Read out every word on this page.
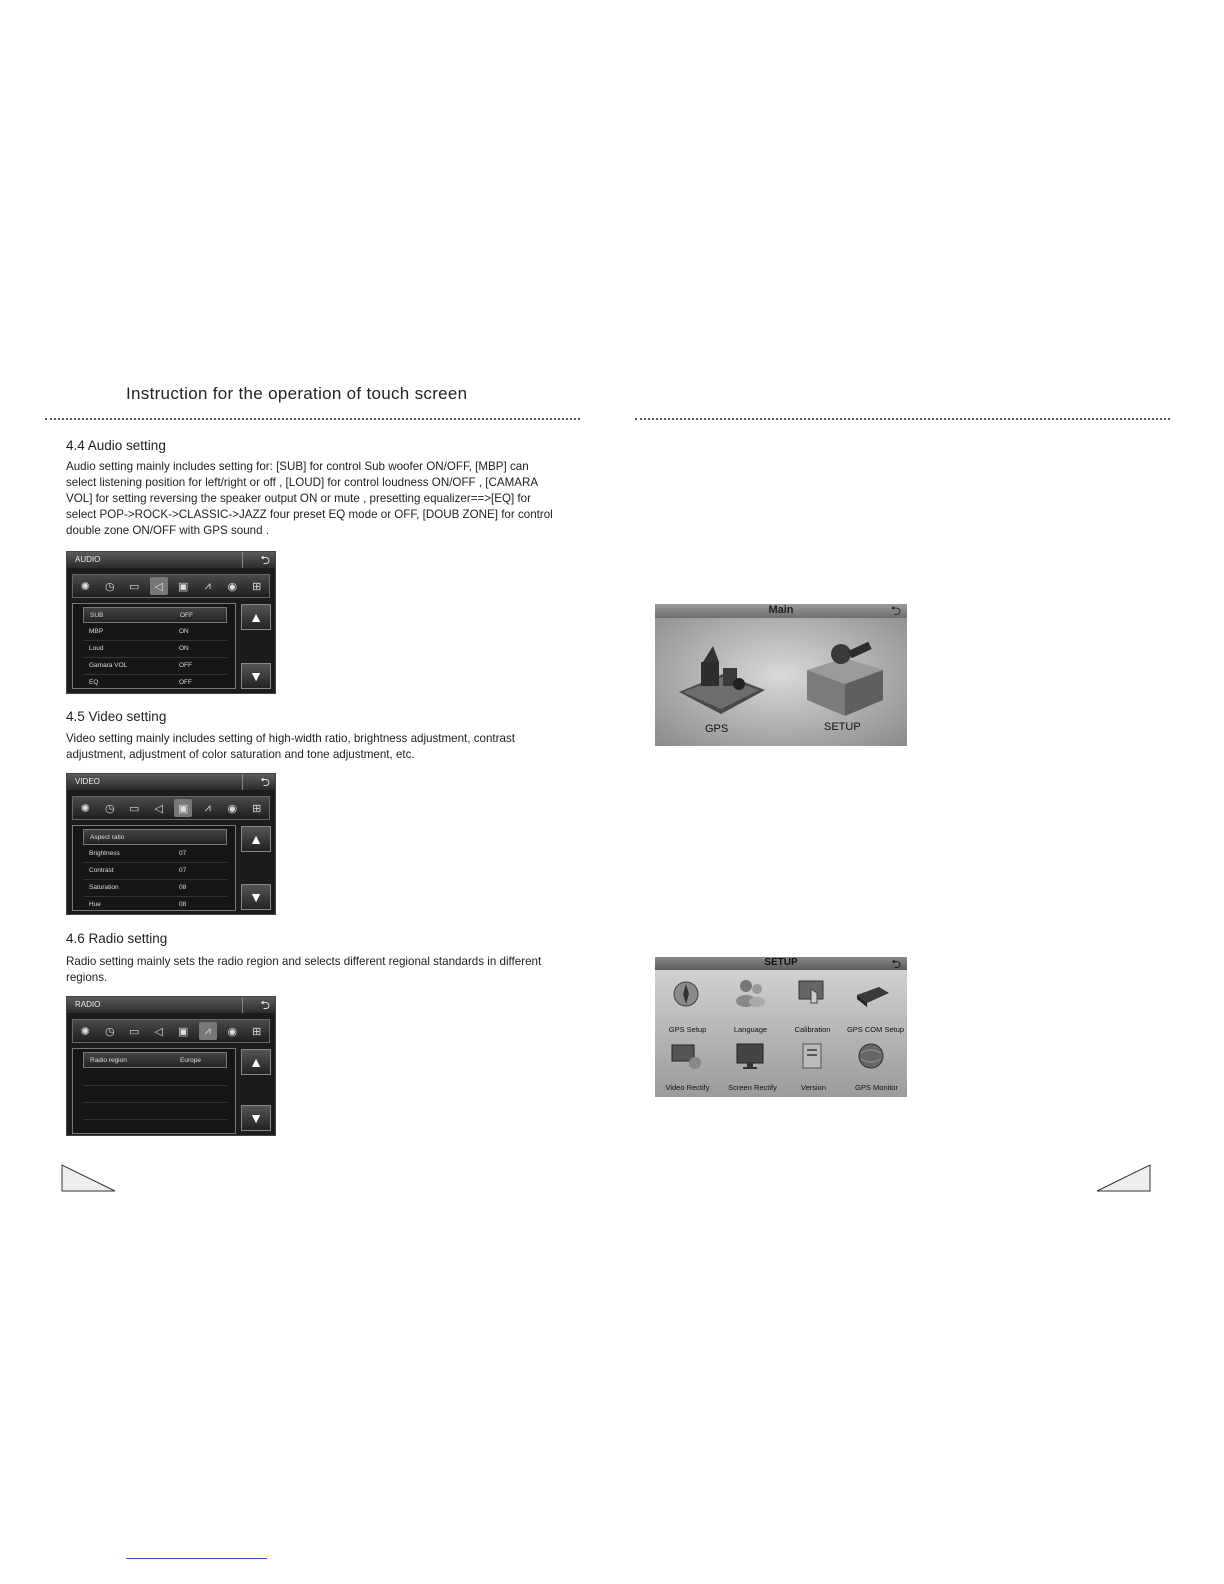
Instruction for the operation of touch screen
4.4 Audio setting

Audio setting mainly includes setting for: [SUB] for control Sub woofer ON/OFF, [MBP] can select listening position for left/right or off , [LOUD] for control loudness ON/OFF , [CAMARA VOL] for setting reversing the speaker output ON or mute , presetting equalizer==>[EQ] for select POP->ROCK->CLASSIC->JAZZ four preset EQ mode or OFF, [DOUB ZONE] for control double zone ON/OFF with GPS sound .

AUDIO	⮌
✺	◷	▭	◁	▣	⩘	◉	⊞
SUB	OFF
MBP	ON
Loud	ON
Gamara VOL	OFF
EQ	OFF
▲
▼
4.5 Video setting

Video setting mainly includes setting of high-width ratio, brightness adjustment, contrast adjustment, adjustment of color saturation and tone adjustment, etc.

VIDEO	⮌
✺	◷	▭	◁	▣	⩘	◉	⊞
Aspect ratio
Brightness	07
Contrast	07
Saturation	08
Hue	08
▲
▼
4.6 Radio setting

Radio setting mainly sets the radio region and selects different regional standards in different regions.

RADIO	⮌
✺	◷	▭	◁	▣	⩘	◉	⊞
Radio region	Europe	▲
▼
Main	⮌
GPS	SETUP
SETUP	⮌
GPS Setup	Language	Calibration	GPS COM Setup
Video Rectify	Screen Rectify	Version	GPS Monitor
